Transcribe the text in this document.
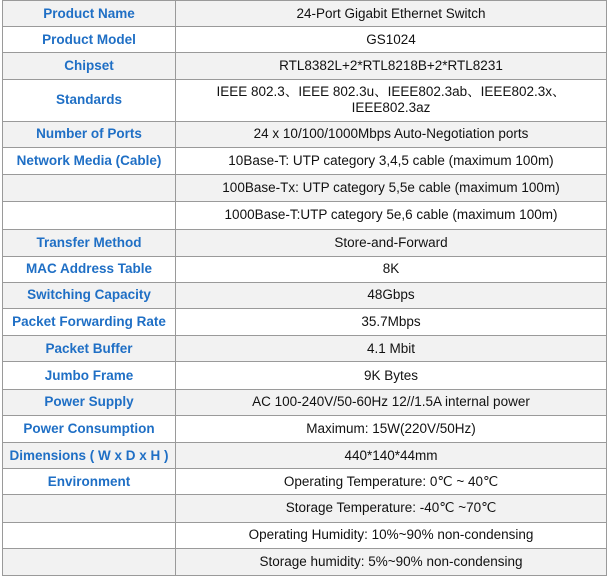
Product Name	24-Port Gigabit Ethernet Switch
Product Model	GS1024
Chipset	RTL8382L+2*RTL8218B+2*RTL8231
Standards	IEEE 802.3、IEEE 802.3u、IEEE802.3ab、IEEE802.3x、IEEE802.3az
Number of Ports	24 x 10/100/1000Mbps Auto-Negotiation ports
Network Media (Cable)	10Base-T: UTP category 3,4,5 cable (maximum 100m)
	100Base-Tx: UTP category 5,5e cable (maximum 100m)
	1000Base-T:UTP category 5e,6 cable (maximum 100m)
Transfer Method	Store-and-Forward
MAC Address Table	8K
Switching Capacity	48Gbps
Packet Forwarding Rate	35.7Mbps
Packet Buffer	4.1 Mbit
Jumbo Frame	9K Bytes
Power Supply	AC 100-240V/50-60Hz 12//1.5A internal power
Power Consumption	Maximum: 15W(220V/50Hz)
Dimensions ( W x D x H )	440*140*44mm
Environment	Operating Temperature: 0℃ ~ 40℃
	Storage Temperature: -40℃ ~70℃
	Operating Humidity: 10%~90% non-condensing
	Storage humidity: 5%~90% non-condensing
